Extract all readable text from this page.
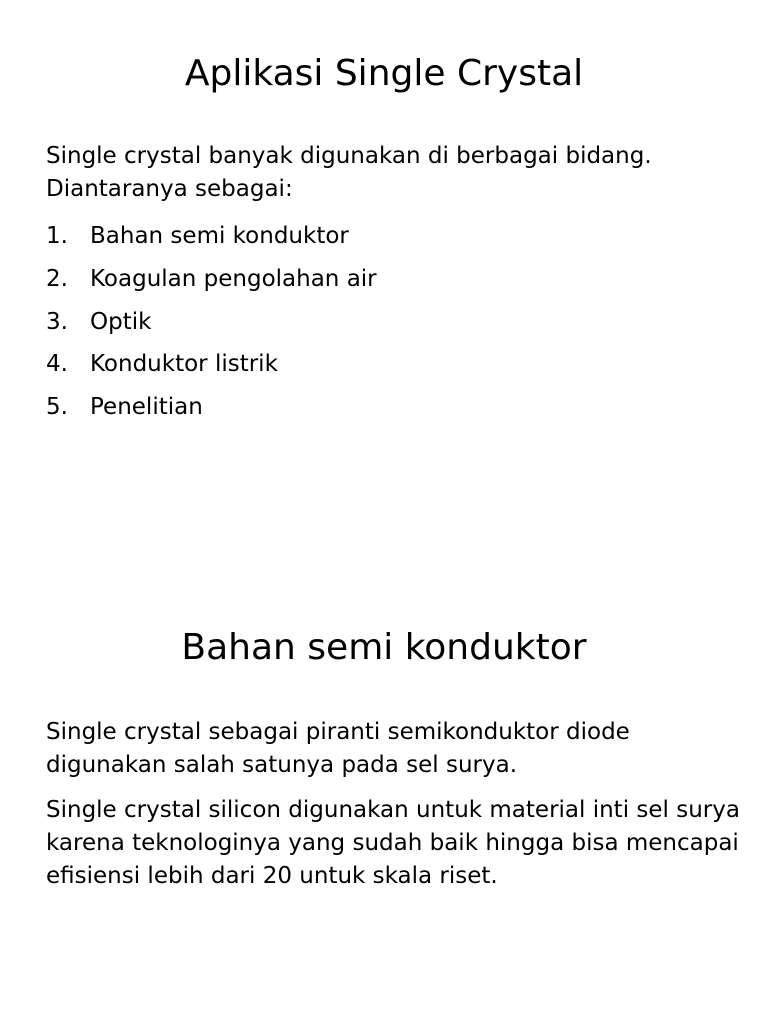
Aplikasi Single Crystal

Single crystal banyak digunakan di berbagai bidang. Diantaranya sebagai:

1. Bahan semi konduktor
2. Koagulan pengolahan air
3. Optik
4. Konduktor listrik
5. Penelitian
Bahan semi konduktor

Single crystal sebagai piranti semikonduktor diode digunakan salah satunya pada sel surya.

Single crystal silicon digunakan untuk material inti sel surya karena teknologinya yang sudah baik hingga bisa mencapai efisiensi lebih dari 20 untuk skala riset.
